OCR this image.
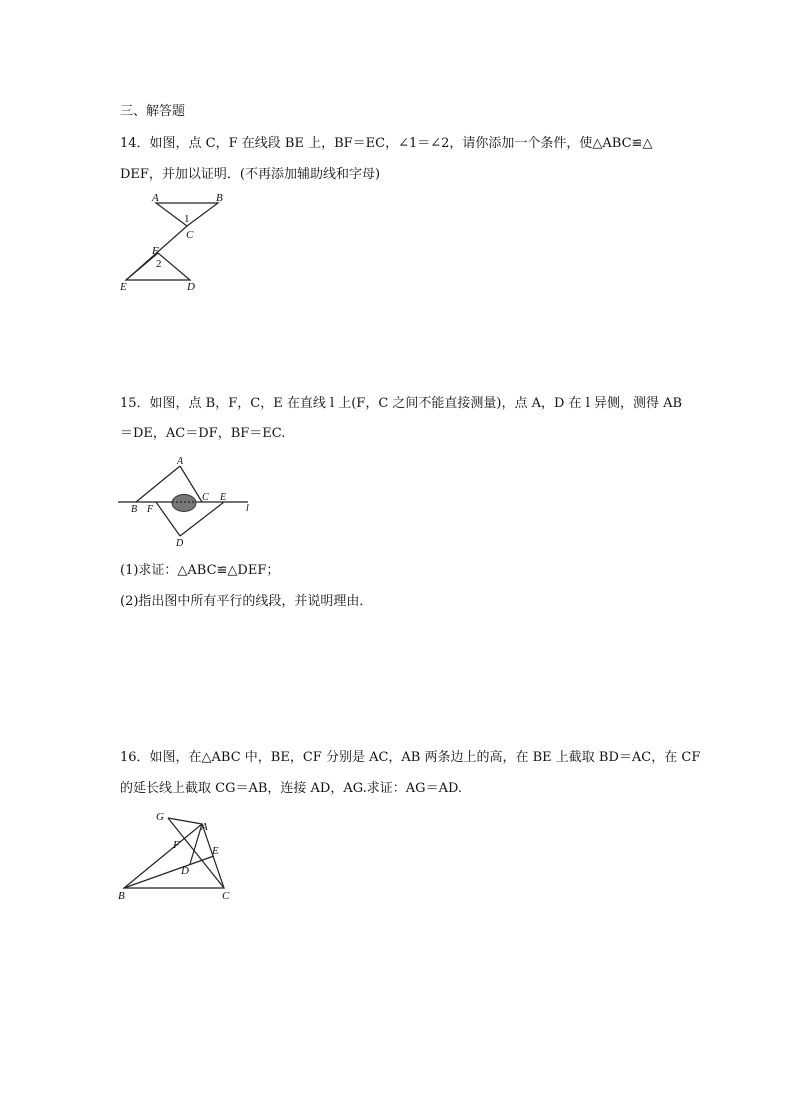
三、解答题
14．如图，点 C，F 在线段 BE 上，BF＝EC，∠1＝∠2，请你添加一个条件，使△ABC≌△
DEF，并加以证明．(不再添加辅助线和字母)
A	B
1
C
F
2
E	D
15．如图，点 B，F，C，E 在直线 l 上(F，C 之间不能直接测量)，点 A，D 在 l 异侧，测得 AB
＝DE，AC＝DF，BF＝EC.
A
B F
C E
l
D
(1)求证：△ABC≌△DEF；
(2)指出图中所有平行的线段，并说明理由．
16．如图，在△ABC 中，BE，CF 分别是 AC，AB 两条边上的高，在 BE 上截取 BD＝AC，在 CF
的延长线上截取 CG＝AB，连接 AD，AG.求证：AG＝AD.
G
A
F	E
D
B	C
